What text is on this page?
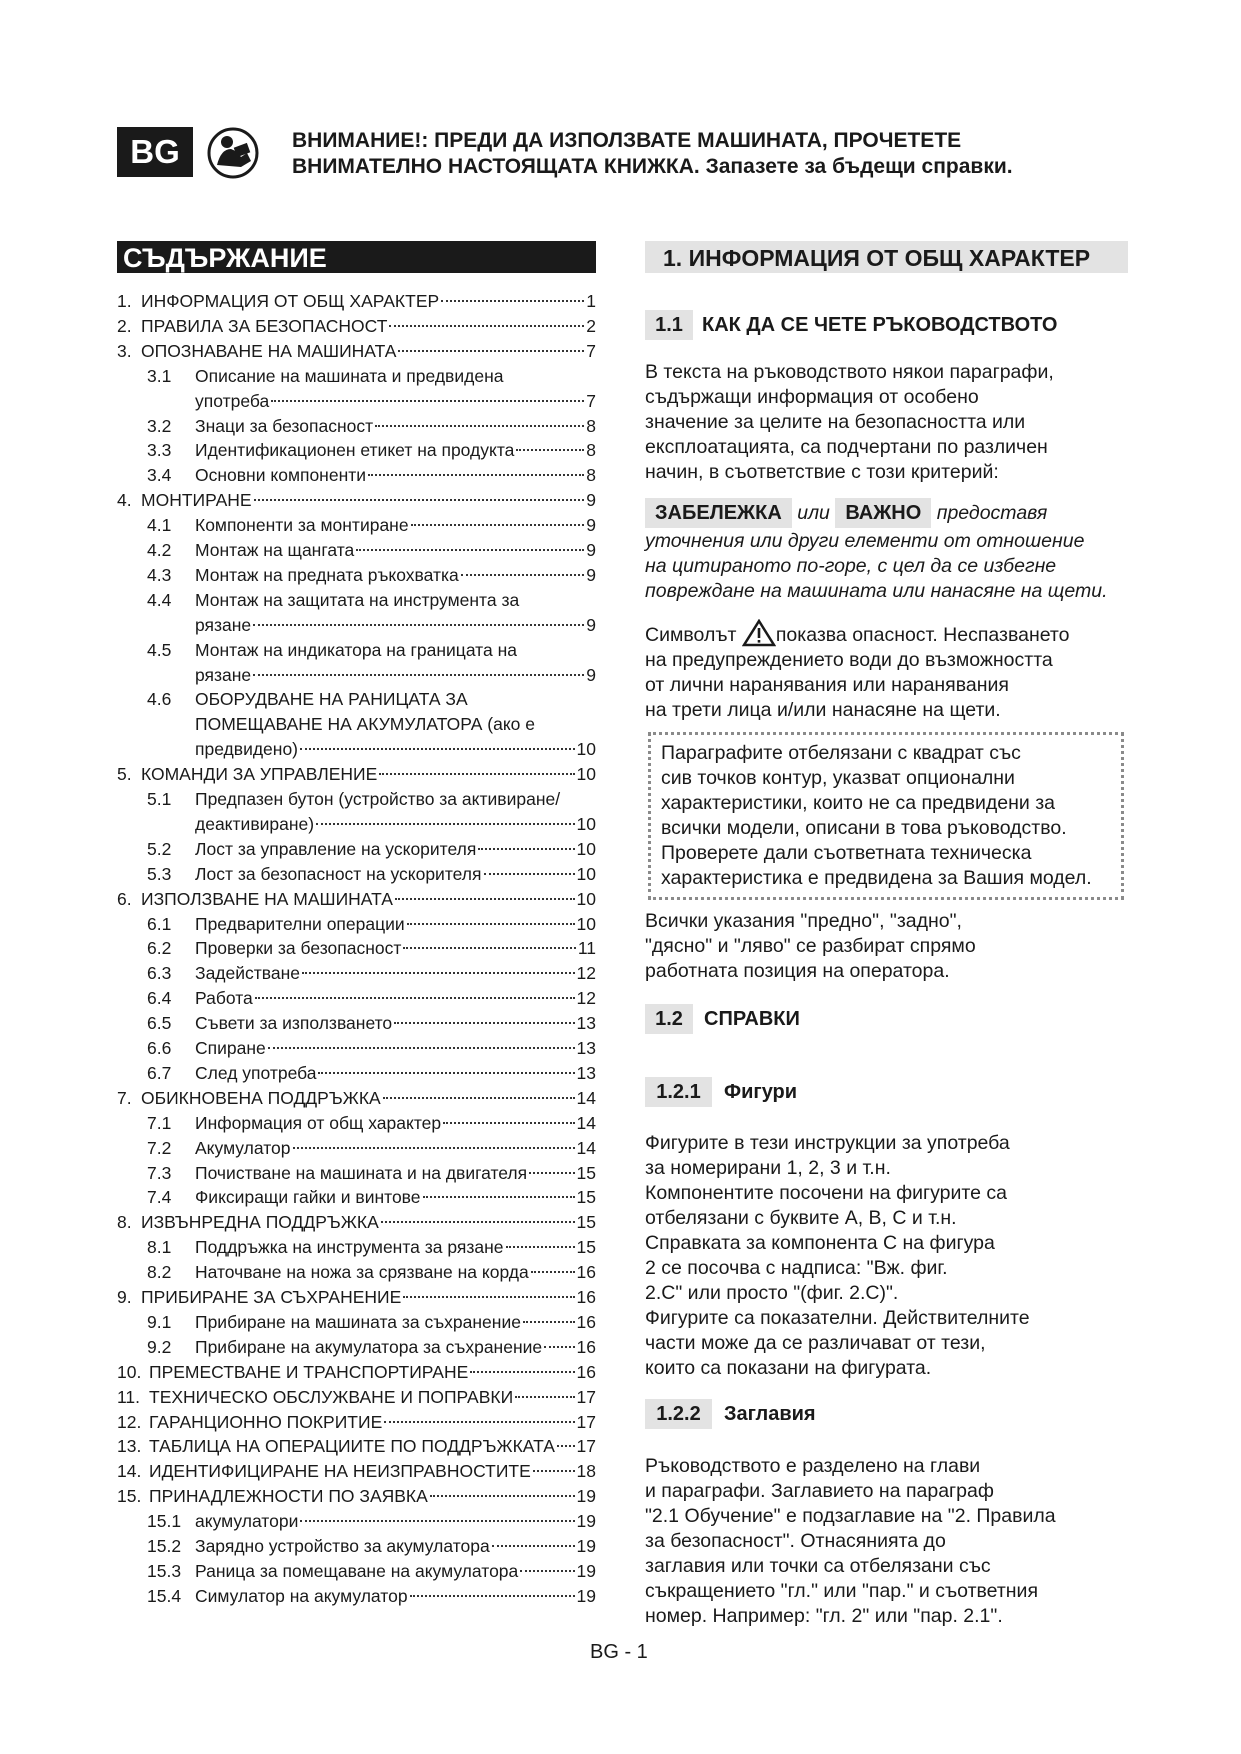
BG	ВНИМАНИЕ!: ПРЕДИ ДА ИЗПОЛЗВАТЕ МАШИНАТА, ПРОЧЕТЕТЕ
ВНИМАТЕЛНО НАСТОЯЩАТА КНИЖКА. Запазете за бъдещи справки.
СЪДЪРЖАНИЕ
1. ИНФОРМАЦИЯ ОТ ОБЩ ХАРАКТЕР	1
2. ПРАВИЛА ЗА БЕЗОПАСНОСТ	2
3. ОПОЗНАВАНЕ НА МАШИНАТА	7
3.1	Описание на машината и предвидена
употреба	7
3.2	Знаци за безопасност	8
3.3	Идентификационен етикет на продукта	8
3.4	Основни компоненти	8
4. МОНТИРАНЕ	9
4.1	Компоненти за монтиране	9
4.2	Монтаж на щангата	9
4.3	Монтаж на предната ръкохватка	9
4.4	Монтаж на защитата на инструмента за
рязане	9
4.5	Монтаж на индикатора на границата на
рязане	9
4.6	ОБОРУДВАНЕ НА РАНИЦАТА ЗА
ПОМЕЩАВАНЕ НА АКУМУЛАТОРА (ако е
предвидено)	10
5. КОМАНДИ ЗА УПРАВЛЕНИЕ	10
5.1	Предпазен бутон (устройство за активиране/
деактивиране)	10
5.2	Лост за управление на ускорителя	10
5.3	Лост за безопасност на ускорителя	10
6. ИЗПОЛЗВАНЕ НА МАШИНАТА	10
6.1	Предварителни операции	10
6.2	Проверки за безопасност	11
6.3	Задействане	12
6.4	Работа	12
6.5	Съвети за използването	13
6.6	Спиране	13
6.7	След употреба	13
7. ОБИКНОВЕНА ПОДДРЪЖКА	14
7.1	Информация от общ характер	14
7.2	Акумулатор	14
7.3	Почистване на машината и на двигателя	15
7.4	Фиксиращи гайки и винтове	15
8. ИЗВЪНРЕДНА ПОДДРЪЖКА	15
8.1	Поддръжка на инструмента за рязане	15
8.2	Наточване на ножа за срязване на корда	16
9. ПРИБИРАНЕ ЗА СЪХРАНЕНИЕ	16
9.1	Прибиране на машината за съхранение	16
9.2	Прибиране на акумулатора за съхранение 16
10. ПРЕМЕСТВАНЕ И ТРАНСПОРТИРАНЕ	16
11. ТЕХНИЧЕСКО ОБСЛУЖВАНЕ И ПОПРАВКИ	17
12. ГАРАНЦИОННО ПОКРИТИЕ	17
13. ТАБЛИЦА НА ОПЕРАЦИИТЕ ПО ПОДДРЪЖКАТА 17
14. ИДЕНТИФИЦИРАНЕ НА НЕИЗПРАВНОСТИТЕ	18
15. ПРИНАДЛЕЖНОСТИ ПО ЗАЯВКА	19
15.1 акумулатори	19
15.2 Зарядно устройство за акумулатора	19
15.3 Раница за помещаване на акумулатора	19
15.4 Симулатор на акумулатор	19
1. ИНФОРМАЦИЯ ОТ ОБЩ ХАРАКТЕР
1.1 КАК ДА СЕ ЧЕТЕ РЪКОВОДСТВОТО
В текста на ръководството някои параграфи,
съдържащи информация от особено
значение за целите на безопасността или
експлоатацията, са подчертани по различен
начин, в съответствие с този критерий:
ЗАБЕЛЕЖКА или ВАЖНО предоставя
уточнения или други елементи от отношение
на цитираното по-горе, с цел да се избегне
повреждане на машината или нанасяне на щети.
Символът показва опасност. Неспазването
на предупреждението води до възможността
от лични наранявания или наранявания
на трети лица и/или нанасяне на щети.
Параграфите отбелязани с квадрат със
сив точков контур, указват опционални
характеристики, които не са предвидени за
всички модели, описани в това ръководство.
Проверете дали съответната техническа
характеристика е предвидена за Вашия модел.
Всички указания "предно", "задно",
"дясно" и "ляво" се разбират спрямо
работната позиция на оператора.
1.2	СПРАВКИ
1.2.1	Фигури
Фигурите в тези инструкции за употреба
за номерирани 1, 2, 3 и т.н.
Компонентите посочени на фигурите са
отбелязани с буквите A, B, C и т.н.
Справката за компонента C на фигура
2 се посочва с надписа: "Вж. фиг.
2.C" или просто "(фиг. 2.C)".
Фигурите са показателни. Действителните
части може да се различават от тези,
които са показани на фигурата.
1.2.2	Заглавия
Ръководството е разделено на глави
и параграфи. Заглавието на параграф
"2.1 Обучение" е подзаглавие на "2. Правила
за безопасност". Отнасянията до
заглавия или точки са отбелязани със
съкращението "гл." или "пар." и съответния
номер. Например: "гл. 2" или "пар. 2.1".
BG - 1
